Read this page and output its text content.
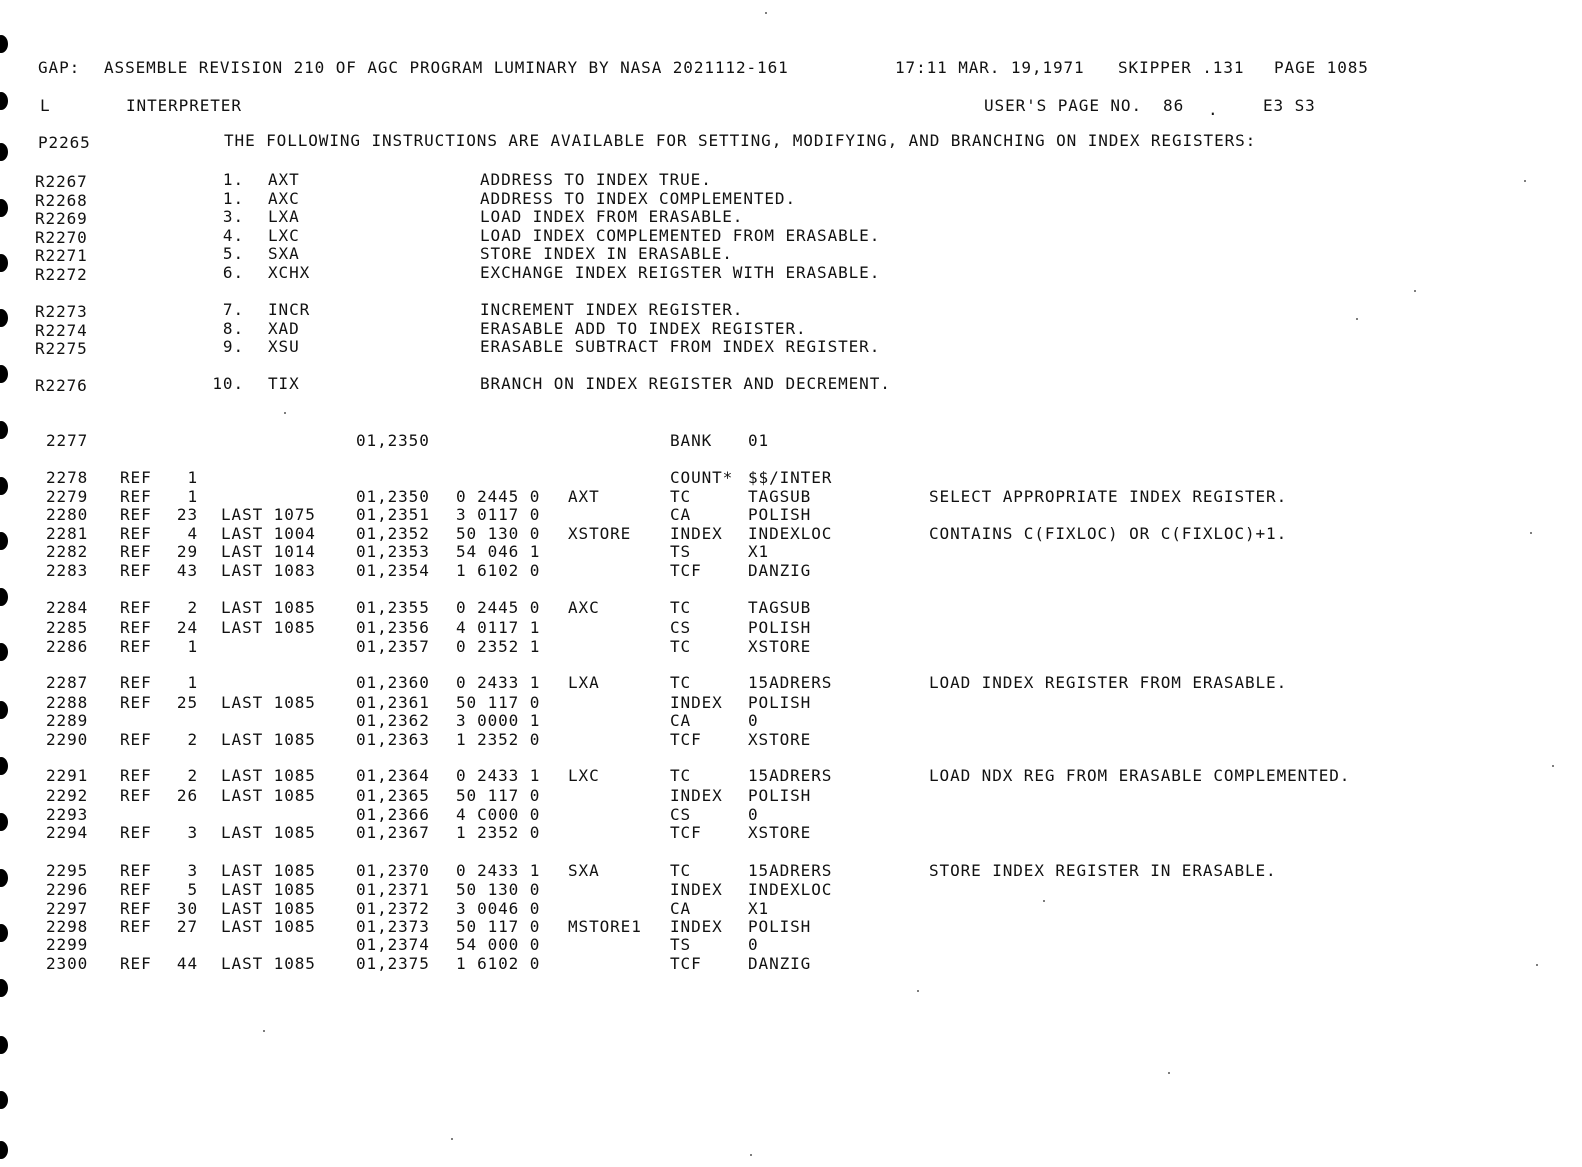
GAP: ASSEMBLE REVISION 210 OF AGC PROGRAM LUMINARY BY NASA 2021112-161	17:11 MAR. 19,1971 SKIPPER .131 PAGE 1085
L	INTERPRETER	USER'S PAGE NO.  86 .	E3 S3
P2265	THE FOLLOWING INSTRUCTIONS ARE AVAILABLE FOR SETTING, MODIFYING, AND BRANCHING ON INDEX REGISTERS:
R2267	1. AXT	ADDRESS TO INDEX TRUE.
R2268	1. AXC	ADDRESS TO INDEX COMPLEMENTED.
R2269	3. LXA	LOAD INDEX FROM ERASABLE.
R2270	4. LXC	LOAD INDEX COMPLEMENTED FROM ERASABLE.
R2271	5. SXA	STORE INDEX IN ERASABLE.
R2272	6. XCHX	EXCHANGE INDEX REIGSTER WITH ERASABLE.
R2273	7. INCR	INCREMENT INDEX REGISTER.
R2274	8. XAD	ERASABLE ADD TO INDEX REGISTER.
R2275	9. XSU	ERASABLE SUBTRACT FROM INDEX REGISTER.
R2276	10. TIX	BRANCH ON INDEX REGISTER AND DECREMENT.
2277	01,2350	BANK 01
2278 REF 1	COUNT* $$/INTER
2279 REF 1	01,2350 0 2445 0 AXT	TC	TAGSUB	SELECT APPROPRIATE INDEX REGISTER.
2280 REF 23 LAST 1075	01,2351 3 0117 0	CA	POLISH
2281 REF 4 LAST 1004	01,2352 50 130 0 XSTORE INDEX INDEXLOC	CONTAINS C(FIXLOC) OR C(FIXLOC)+1.
2282 REF 29 LAST 1014	01,2353 54 046 1	TS	X1
2283 REF 43 LAST 1083	01,2354 1 6102 0	TCF	DANZIG
2284 REF 2 LAST 1085	01,2355 0 2445 0 AXC	TC	TAGSUB
2285 REF 24 LAST 1085	01,2356 4 0117 1	CS	POLISH
2286 REF 1	01,2357 0 2352 1	TC	XSTORE
2287 REF 1	01,2360 0 2433 1 LXA	TC	15ADRERS	LOAD INDEX REGISTER FROM ERASABLE.
2288 REF 25 LAST 1085	01,2361 50 117 0	INDEX POLISH
2289	01,2362 3 0000 1	CA	0
2290 REF 2 LAST 1085	01,2363 1 2352 0	TCF	XSTORE
2291 REF 2 LAST 1085	01,2364 0 2433 1 LXC	TC	15ADRERS	LOAD NDX REG FROM ERASABLE COMPLEMENTED.
2292 REF 26 LAST 1085	01,2365 50 117 0	INDEX POLISH
2293	01,2366 4 C000 0	CS	0
2294 REF 3 LAST 1085	01,2367 1 2352 0	TCF	XSTORE
2295 REF 3 LAST 1085	01,2370 0 2433 1 SXA	TC	15ADRERS	STORE INDEX REGISTER IN ERASABLE.
2296 REF 5 LAST 1085	01,2371 50 130 0	INDEX INDEXLOC
2297 REF 30 LAST 1085	01,2372 3 0046 0	CA	X1
2298 REF 27 LAST 1085	01,2373 50 117 0 MSTORE1 INDEX POLISH
2299	01,2374 54 000 0	TS	0
2300 REF 44 LAST 1085	01,2375 1 6102 0	TCF	DANZIG
